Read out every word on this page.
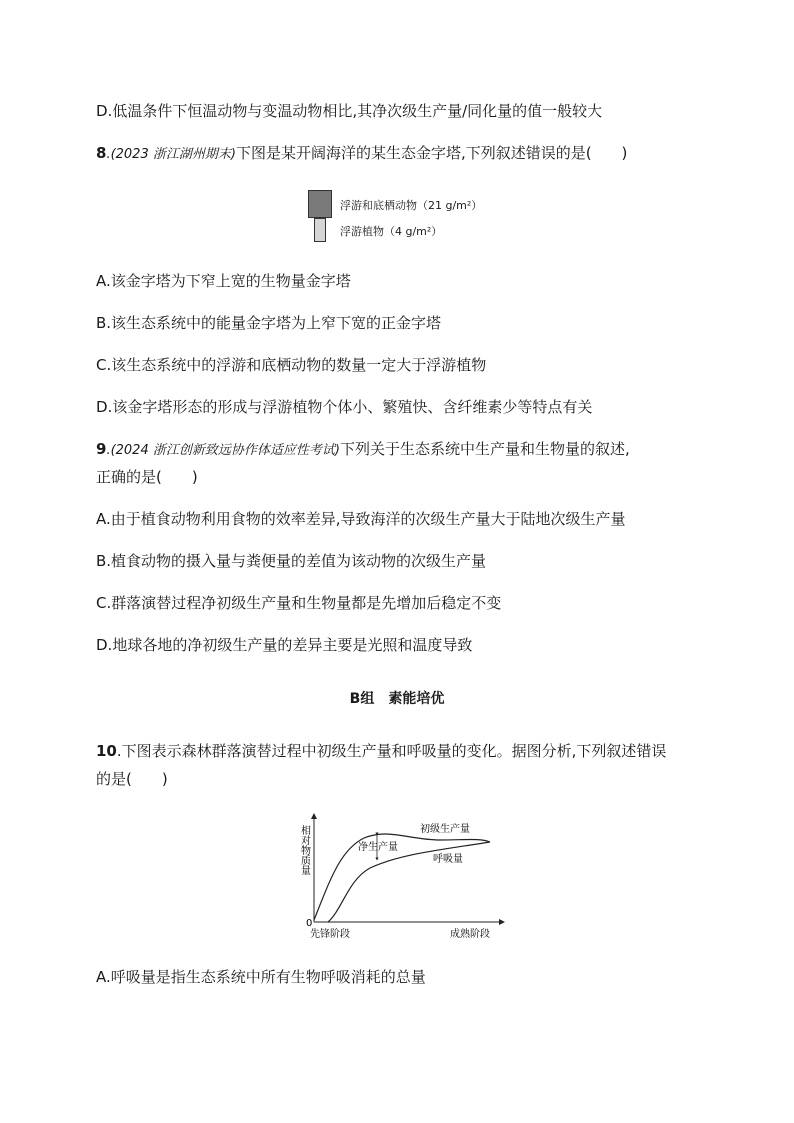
D.低温条件下恒温动物与变温动物相比,其净次级生产量/同化量的值一般较大
8.(2023 浙江湖州期末)下图是某开阔海洋的某生态金字塔,下列叙述错误的是(　　)
浮游和底栖动物（21 g/m²）
浮游植物（4 g/m²）
A.该金字塔为下窄上宽的生物量金字塔
B.该生态系统中的能量金字塔为上窄下宽的正金字塔
C.该生态系统中的浮游和底栖动物的数量一定大于浮游植物
D.该金字塔形态的形成与浮游植物个体小、繁殖快、含纤维素少等特点有关
9.(2024 浙江创新致远协作体适应性考试)下列关于生态系统中生产量和生物量的叙述,
正确的是(　　)
A.由于植食动物利用食物的效率差异,导致海洋的次级生产量大于陆地次级生产量
B.植食动物的摄入量与粪便量的差值为该动物的次级生产量
C.群落演替过程净初级生产量和生物量都是先增加后稳定不变
D.地球各地的净初级生产量的差异主要是光照和温度导致
B组　素能培优
10.下图表示森林群落演替过程中初级生产量和呼吸量的变化。据图分析,下列叙述错误
的是(　　)
相对物质量
0
先锋阶段	成熟阶段
初级生产量
净生产量
呼吸量
A.呼吸量是指生态系统中所有生物呼吸消耗的总量
